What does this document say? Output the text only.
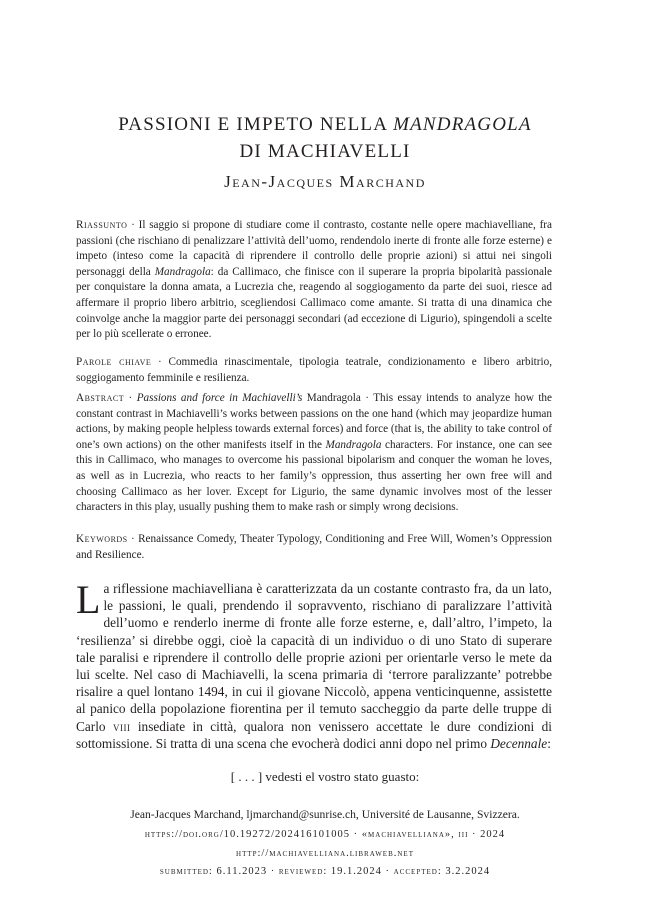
PASSIONI E IMPETO NELLA MANDRAGOLA
DI MACHIAVELLI
Jean-Jacques Marchand

Riassunto · Il saggio si propone di studiare come il contrasto, costante nelle opere machiavelliane, fra passioni (che rischiano di penalizzare l’attività dell’uomo, rendendolo inerte di fronte alle forze esterne) e impeto (inteso come la capacità di riprendere il controllo delle proprie azioni) si attui nei singoli personaggi della Mandragola: da Callimaco, che finisce con il superare la propria bipolarità passionale per conquistare la donna amata, a Lucrezia che, reagendo al soggiogamento da parte dei suoi, riesce ad affermare il proprio libero arbitrio, scegliendosi Callimaco come amante. Si tratta di una dinamica che coinvolge anche la maggior parte dei personaggi secondari (ad eccezione di Ligurio), spingendoli a scelte per lo più scellerate o erronee.

Parole chiave · Commedia rinascimentale, tipologia teatrale, condizionamento e libero arbitrio, soggiogamento femminile e resilienza.

Abstract · Passions and force in Machiavelli’s Mandragola · This essay intends to analyze how the constant contrast in Machiavelli’s works between passions on the one hand (which may jeopardize human actions, by making people helpless towards external forces) and force (that is, the ability to take control of one’s own actions) on the other manifests itself in the Mandragola characters. For instance, one can see this in Callimaco, who manages to overcome his passional bipolarism and conquer the woman he loves, as well as in Lucrezia, who reacts to her family’s oppression, thus asserting her own free will and choosing Callimaco as her lover. Except for Ligurio, the same dynamic involves most of the lesser characters in this play, usually pushing them to make rash or simply wrong decisions.

Keywords · Renaissance Comedy, Theater Typology, Conditioning and Free Will, Women’s Oppression and Resilience.

La riflessione machiavelliana è caratterizzata da un costante contrasto fra, da un lato, le passioni, le quali, prendendo il sopravvento, rischiano di paralizzare l’attività dell’uomo e renderlo inerme di fronte alle forze esterne, e, dall’altro, l’impeto, la ‘resilienza’ si direbbe oggi, cioè la capacità di un individuo o di uno Stato di superare tale paralisi e riprendere il controllo delle proprie azioni per orientarle verso le mete da lui scelte. Nel caso di Machiavelli, la scena primaria di ‘terrore paralizzante’ potrebbe risalire a quel lontano 1494, in cui il giovane Niccolò, appena venticinquenne, assistette al panico della popolazione fiorentina per il temuto saccheggio da parte delle truppe di Carlo viii insediate in città, qualora non venissero accettate le dure condizioni di sottomissione. Si tratta di una scena che evocherà dodici anni dopo nel primo Decennale:

[ . . . ] vedesti el vostro stato guasto:
Jean-Jacques Marchand, ljmarchand@sunrise.ch, Université de Lausanne, Svizzera.
https://doi.org/10.19272/202416101005 · «machiavelliana», iii · 2024
http://machiavelliana.libraweb.net
submitted: 6.11.2023 · reviewed: 19.1.2024 · accepted: 3.2.2024
